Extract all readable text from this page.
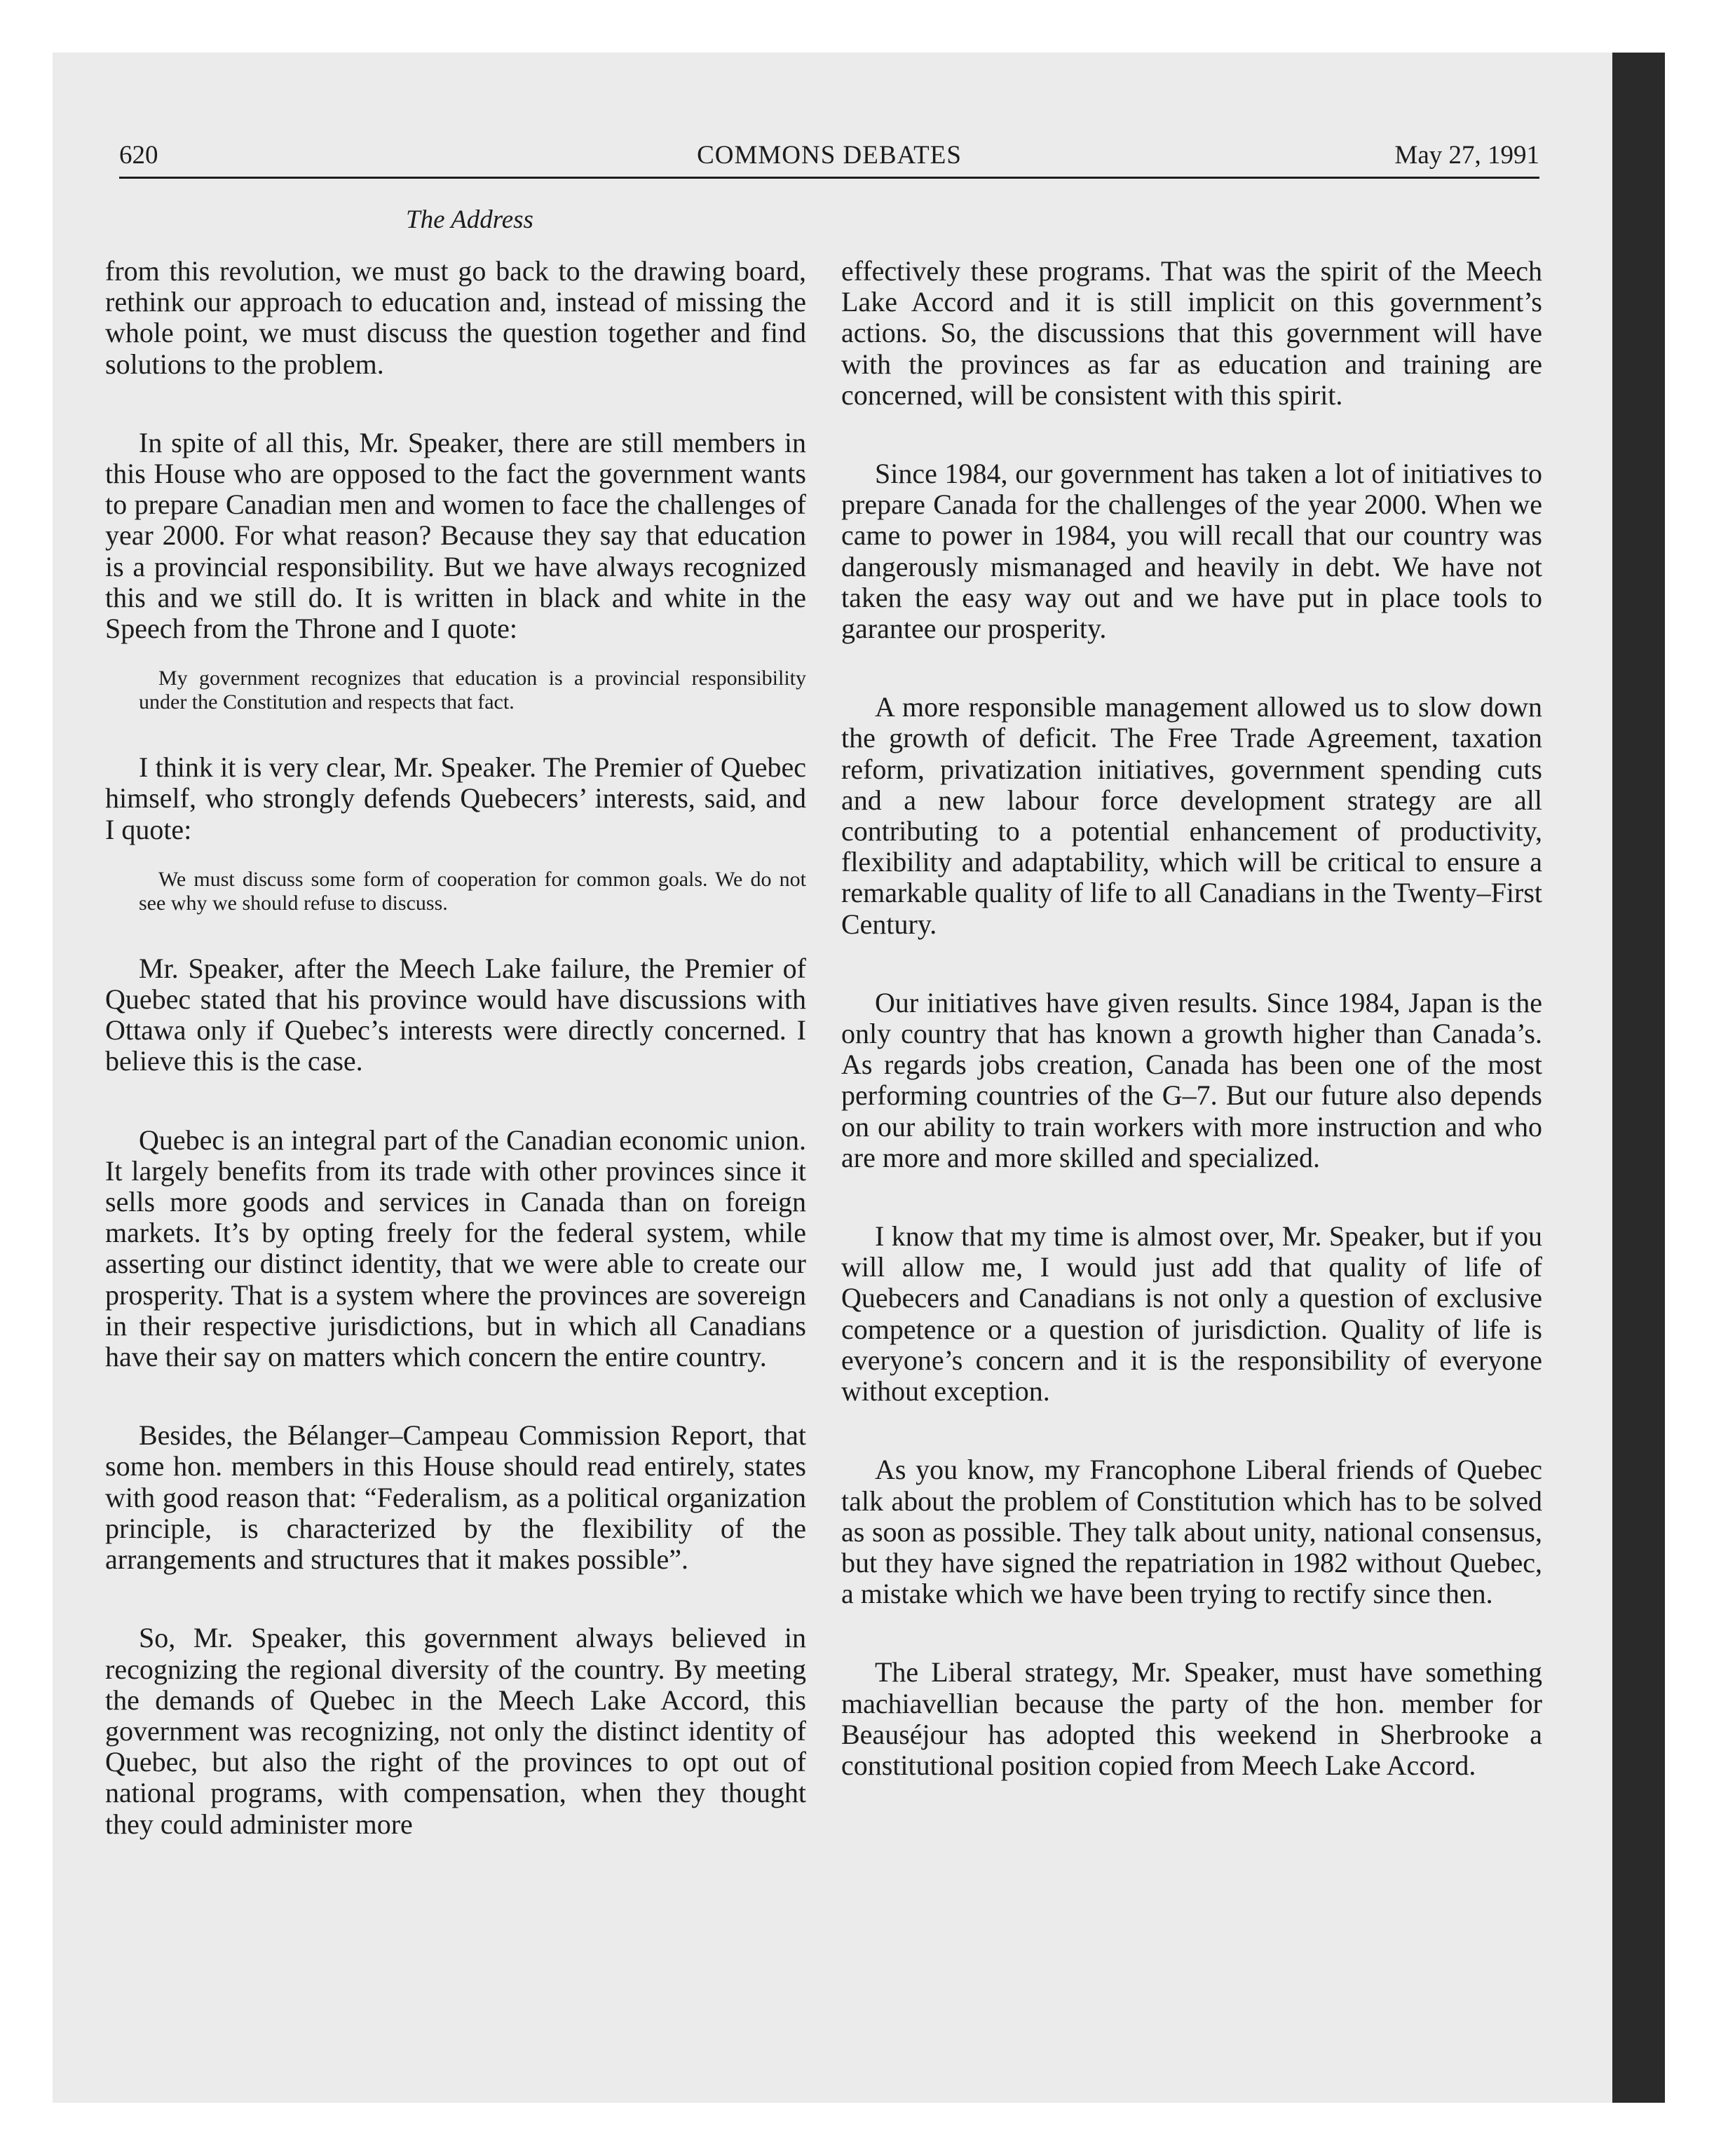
620	COMMONS DEBATES	May 27, 1991
The Address

from this revolution, we must go back to the drawing board, rethink our approach to education and, instead of missing the whole point, we must discuss the question together and find solutions to the problem.

In spite of all this, Mr. Speaker, there are still members in this House who are opposed to the fact the government wants to prepare Canadian men and women to face the challenges of year 2000. For what reason? Because they say that education is a provincial responsibility. But we have always recognized this and we still do. It is written in black and white in the Speech from the Throne and I quote:

My government recognizes that education is a provincial responsibility under the Constitution and respects that fact.

I think it is very clear, Mr. Speaker. The Premier of Quebec himself, who strongly defends Quebecers’ interests, said, and I quote:

We must discuss some form of cooperation for common goals. We do not see why we should refuse to discuss.

Mr. Speaker, after the Meech Lake failure, the Premier of Quebec stated that his province would have discussions with Ottawa only if Quebec’s interests were directly concerned. I believe this is the case.

Quebec is an integral part of the Canadian economic union. It largely benefits from its trade with other provinces since it sells more goods and services in Canada than on foreign markets. It’s by opting freely for the federal system, while asserting our distinct identity, that we were able to create our prosperity. That is a system where the provinces are sovereign in their respective jurisdictions, but in which all Canadians have their say on matters which concern the entire country.

Besides, the Bélanger–Campeau Commission Report, that some hon. members in this House should read entirely, states with good reason that: “Federalism, as a political organization principle, is characterized by the flexibility of the arrangements and structures that it makes possible”.

So, Mr. Speaker, this government always believed in recognizing the regional diversity of the country. By meeting the demands of Quebec in the Meech Lake Accord, this government was recognizing, not only the distinct identity of Quebec, but also the right of the provinces to opt out of national programs, with compensation, when they thought they could administer more

effectively these programs. That was the spirit of the Meech Lake Accord and it is still implicit on this government’s actions. So, the discussions that this government will have with the provinces as far as education and training are concerned, will be consistent with this spirit.

Since 1984, our government has taken a lot of initiatives to prepare Canada for the challenges of the year 2000. When we came to power in 1984, you will recall that our country was dangerously mismanaged and heavily in debt. We have not taken the easy way out and we have put in place tools to garantee our prosperity.

A more responsible management allowed us to slow down the growth of deficit. The Free Trade Agreement, taxation reform, privatization initiatives, government spending cuts and a new labour force development strategy are all contributing to a potential enhancement of productivity, flexibility and adaptability, which will be critical to ensure a remarkable quality of life to all Canadians in the Twenty–First Century.

Our initiatives have given results. Since 1984, Japan is the only country that has known a growth higher than Canada’s. As regards jobs creation, Canada has been one of the most performing countries of the G–7. But our future also depends on our ability to train workers with more instruction and who are more and more skilled and specialized.

I know that my time is almost over, Mr. Speaker, but if you will allow me, I would just add that quality of life of Quebecers and Canadians is not only a question of exclusive competence or a question of jurisdiction. Quality of life is everyone’s concern and it is the responsibility of everyone without exception.

As you know, my Francophone Liberal friends of Quebec talk about the problem of Constitution which has to be solved as soon as possible. They talk about unity, national consensus, but they have signed the repatriation in 1982 without Quebec, a mistake which we have been trying to rectify since then.

The Liberal strategy, Mr. Speaker, must have something machiavellian because the party of the hon. member for Beauséjour has adopted this weekend in Sherbrooke a constitutional position copied from Meech Lake Accord.
